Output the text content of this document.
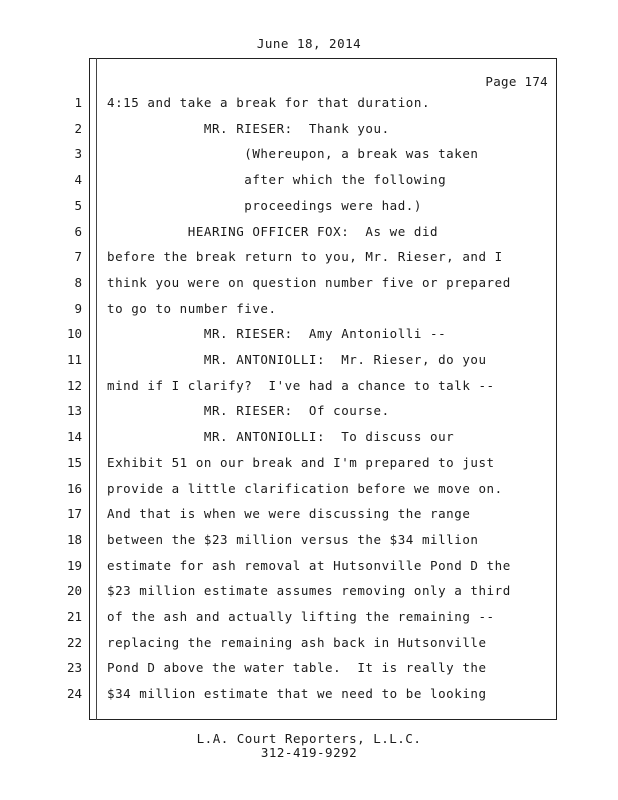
June 18, 2014
Page 174
1 4:15 and take a break for that duration.
2 MR. RIESER:  Thank you.
3 (Whereupon, a break was taken
4 after which the following
5 proceedings were had.)
6 HEARING OFFICER FOX:  As we did
7 before the break return to you, Mr. Rieser, and I
8 think you were on question number five or prepared
9 to go to number five.
10 MR. RIESER:  Amy Antoniolli --
11 MR. ANTONIOLLI:  Mr. Rieser, do you
12 mind if I clarify?  I've had a chance to talk --
13 MR. RIESER:  Of course.
14 MR. ANTONIOLLI:  To discuss our
15 Exhibit 51 on our break and I'm prepared to just
16 provide a little clarification before we move on.
17 And that is when we were discussing the range
18 between the $23 million versus the $34 million
19 estimate for ash removal at Hutsonville Pond D the
20 $23 million estimate assumes removing only a third
21 of the ash and actually lifting the remaining --
22 replacing the remaining ash back in Hutsonville
23 Pond D above the water table.  It is really the
24 $34 million estimate that we need to be looking
L.A. Court Reporters, L.L.C.
312-419-9292
